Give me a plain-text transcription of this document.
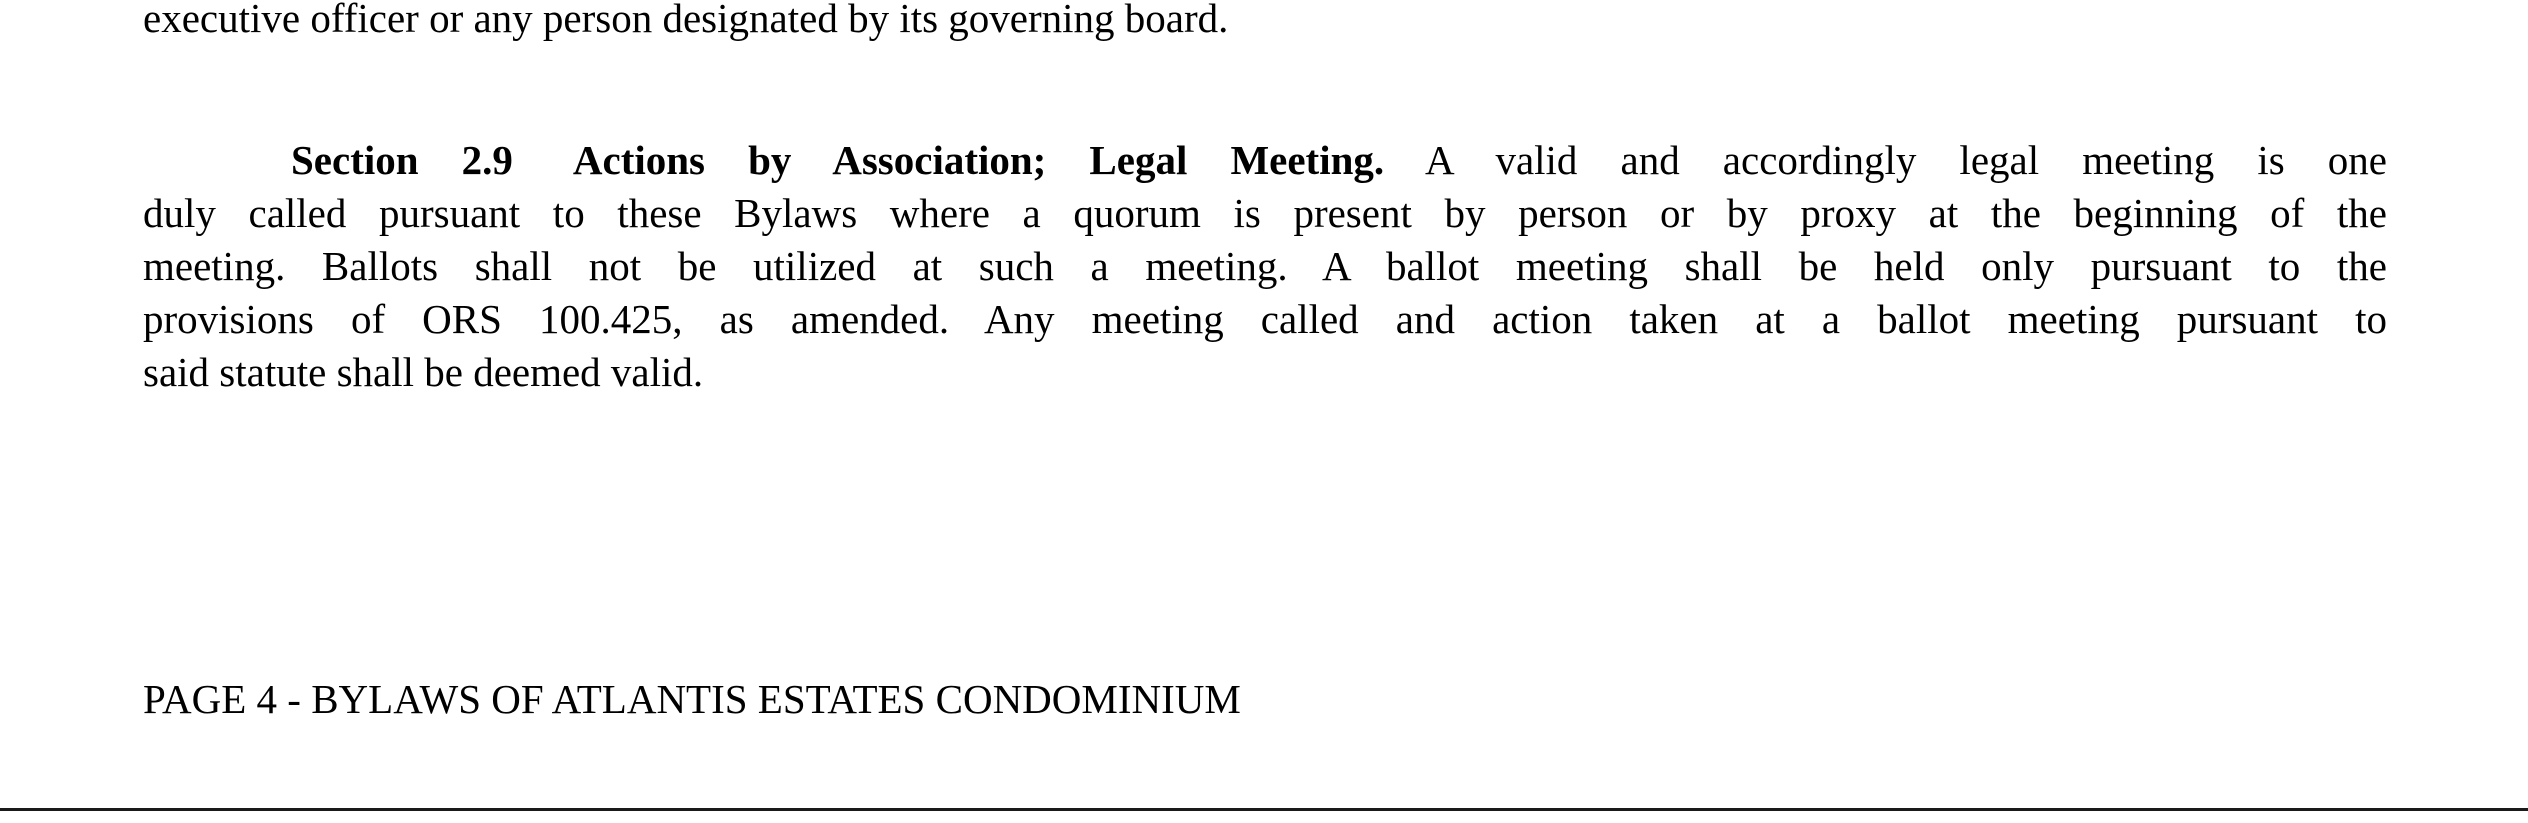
executive officer or any person designated by its governing board.
Section 2.9 Actions by Association; Legal Meeting. A valid and accordingly legal meeting is one
duly called pursuant to these Bylaws where a quorum is present by person or by proxy at the beginning of the
meeting. Ballots shall not be utilized at such a meeting. A ballot meeting shall be held only pursuant to the
provisions of ORS 100.425, as amended. Any meeting called and action taken at a ballot meeting pursuant to
said statute shall be deemed valid.
PAGE 4 - BYLAWS OF ATLANTIS ESTATES CONDOMINIUM
